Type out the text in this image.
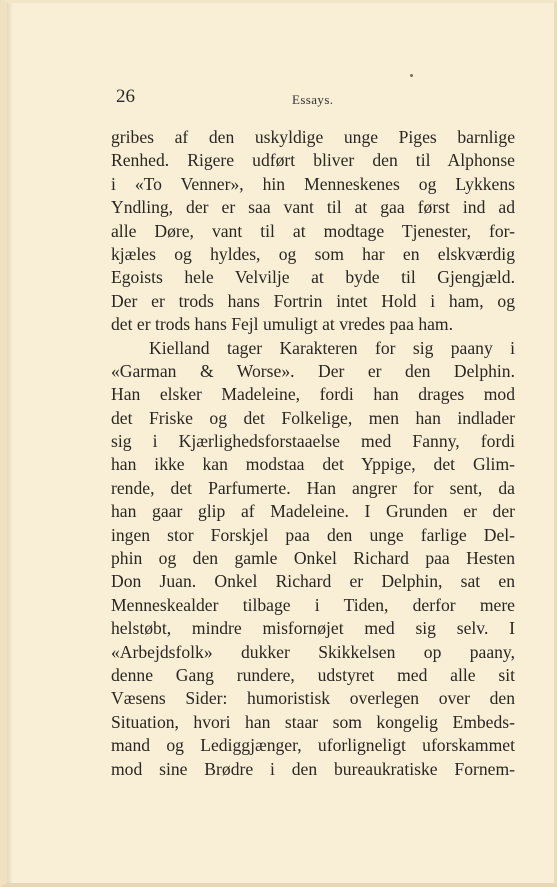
26	Essays.
gribes af den uskyldige unge Piges barnlige
Renhed. Rigere udført bliver den til Alphonse
i «To Venner», hin Menneskenes og Lykkens
Yndling, der er saa vant til at gaa først ind ad
alle Døre, vant til at modtage Tjenester, for-
kjæles og hyldes, og som har en elskværdig
Egoists hele Velvilje at byde til Gjengjæld.
Der er trods hans Fortrin intet Hold i ham, og
det er trods hans Fejl umuligt at vredes paa ham.
Kielland tager Karakteren for sig paany i
«Garman & Worse». Der er den Delphin.
Han elsker Madeleine, fordi han drages mod
det Friske og det Folkelige, men han indlader
sig i Kjærlighedsforstaaelse med Fanny, fordi
han ikke kan modstaa det Yppige, det Glim-
rende, det Parfumerte. Han angrer for sent, da
han gaar glip af Madeleine. I Grunden er der
ingen stor Forskjel paa den unge farlige Del-
phin og den gamle Onkel Richard paa Hesten
Don Juan. Onkel Richard er Delphin, sat en
Menneskealder tilbage i Tiden, derfor mere
helstøbt, mindre misfornøjet med sig selv. I
«Arbejdsfolk» dukker Skikkelsen op paany,
denne Gang rundere, udstyret med alle sit
Væsens Sider: humoristisk overlegen over den
Situation, hvori han staar som kongelig Embeds-
mand og Lediggjænger, uforligneligt uforskammet
mod sine Brødre i den bureaukratiske Fornem-
